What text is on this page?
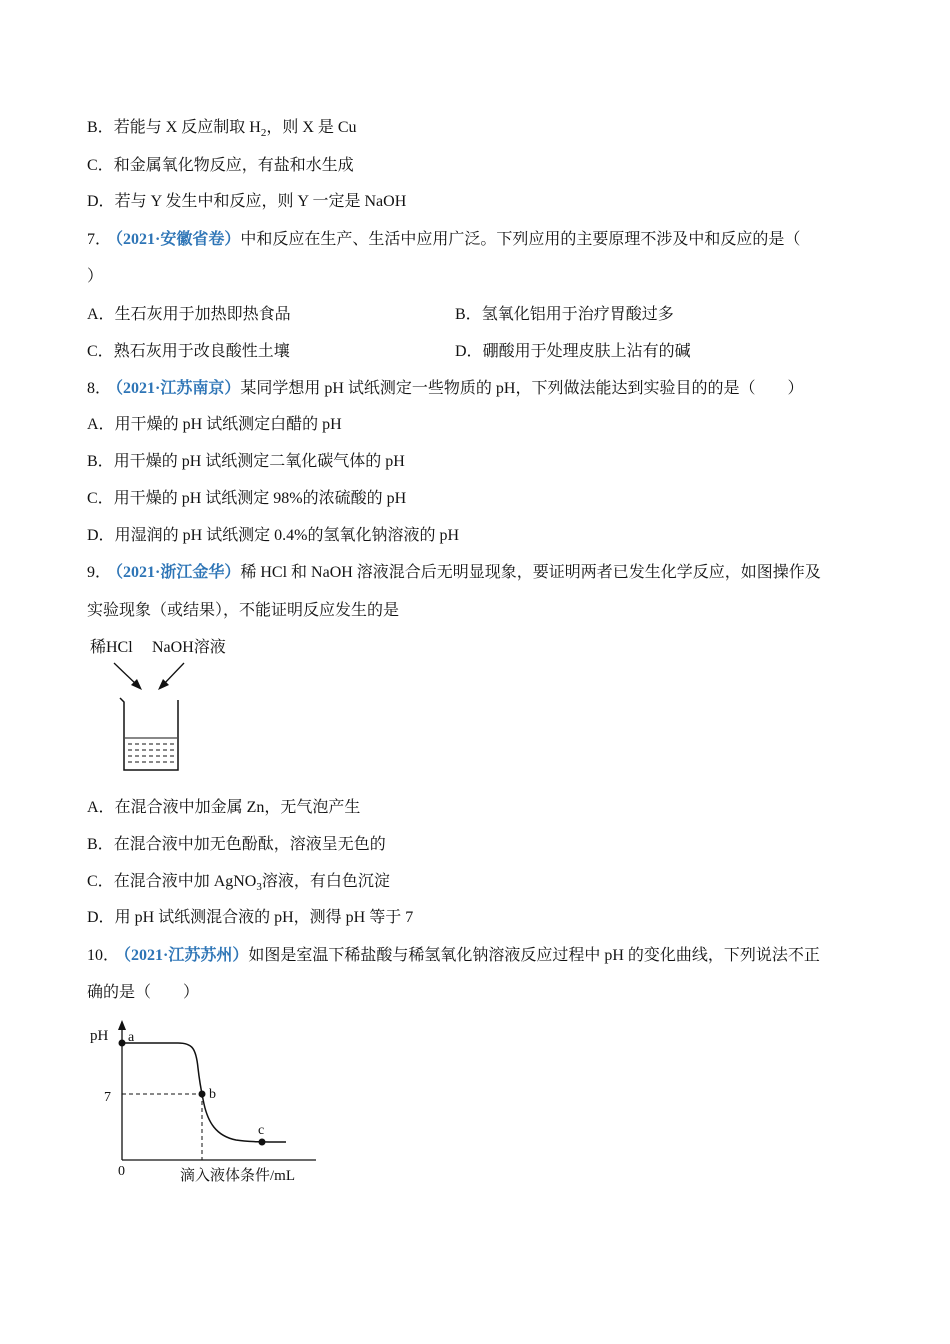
B．若能与 X 反应制取 $H_2$，则 X 是 Cu
C．和金属氧化物反应，有盐和水生成
D．若与 Y 发生中和反应，则 Y 一定是 NaOH
7． （2021·安徽省卷）中和反应在生产、生活中应用广泛。下列应用的主要原理不涉及中和反应的是（
）
A．生石灰用于加热即热食品	B．氢氧化铝用于治疗胃酸过多
C．熟石灰用于改良酸性土壤	D．硼酸用于处理皮肤上沾有的碱
8． （2021·江苏南京）某同学想用 pH 试纸测定一些物质的 pH，下列做法能达到实验目的的是（　　）
A．用干燥的 pH 试纸测定白醋的 pH
B．用干燥的 pH 试纸测定二氧化碳气体的 pH
C．用干燥的 pH 试纸测定 98%的浓硫酸的 pH
D．用湿润的 pH 试纸测定 0.4%的氢氧化钠溶液的 pH
9． （2021·浙江金华）稀 HCl 和 NaOH 溶液混合后无明显现象，要证明两者已发生化学反应，如图操作及
实验现象（或结果），不能证明反应发生的是
稀HCl NaOH溶液
A．在混合液中加金属 Zn，无气泡产生
B．在混合液中加无色酚酞，溶液呈无色的
C．在混合液中加 AgNO$_3$溶液，有白色沉淀
D．用 pH 试纸测混合液的 pH，测得 pH 等于 7
10． （2021·江苏苏州）如图是室温下稀盐酸与稀氢氧化钠溶液反应过程中 pH 的变化曲线，下列说法不正
确的是（　　）
pH
0	滴入液体条件/mL
7
a
b
c
